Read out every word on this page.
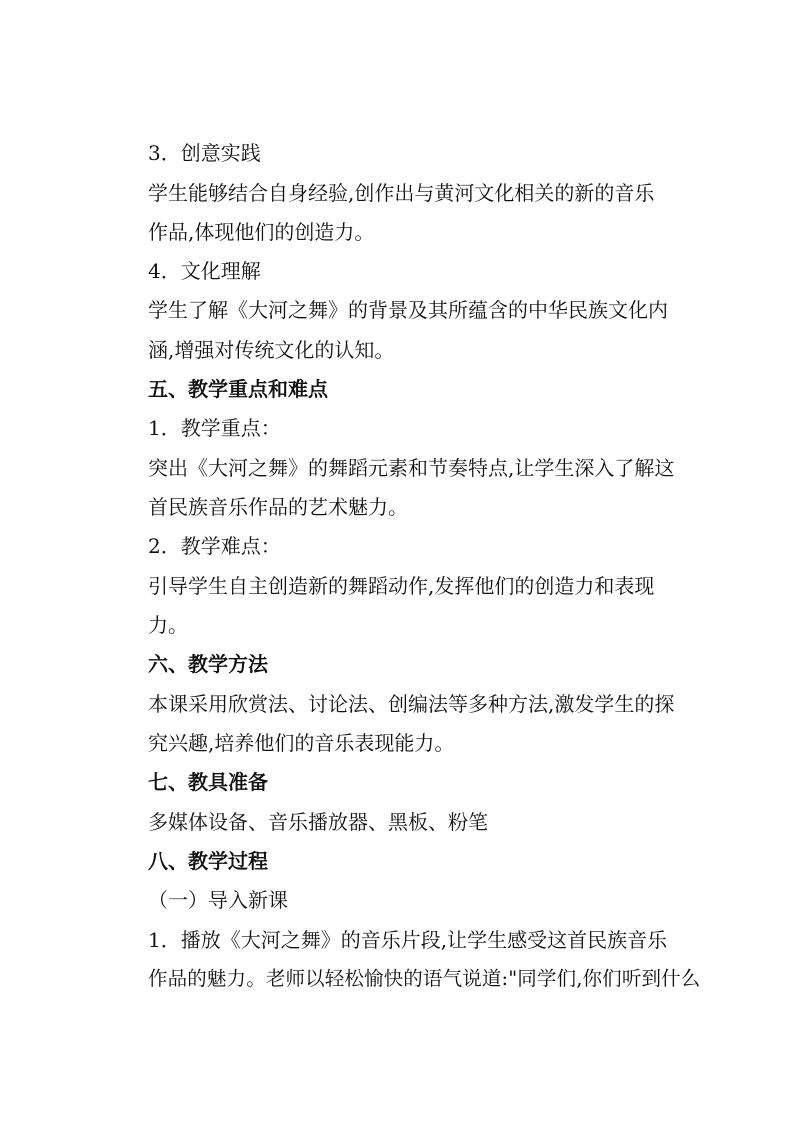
3．创意实践
学生能够结合自身经验,创作出与黄河文化相关的新的音乐
作品,体现他们的创造力。
4．文化理解
学生了解《大河之舞》的背景及其所蕴含的中华民族文化内
涵,增强对传统文化的认知。
五、教学重点和难点
1．教学重点：
突出《大河之舞》的舞蹈元素和节奏特点,让学生深入了解这
首民族音乐作品的艺术魅力。
2．教学难点：
引导学生自主创造新的舞蹈动作,发挥他们的创造力和表现
力。
六、教学方法
本课采用欣赏法、讨论法、创编法等多种方法,激发学生的探
究兴趣,培养他们的音乐表现能力。
七、教具准备
多媒体设备、音乐播放器、黑板、粉笔
八、教学过程
（一）导入新课
1．播放《大河之舞》的音乐片段,让学生感受这首民族音乐
作品的魅力。老师以轻松愉快的语气说道:"同学们,你们听到什么
